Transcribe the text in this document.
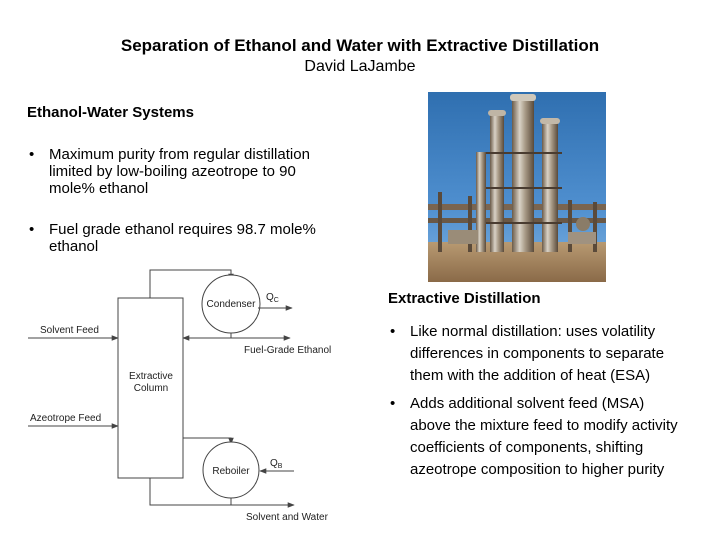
Separation of Ethanol and Water with Extractive Distillation
David LaJambe
Ethanol-Water Systems
• Maximum purity from regular distillation limited by low-boiling azeotrope to 90 mole% ethanol
• Fuel grade ethanol requires 98.7 mole% ethanol
Extractive Distillation
• Like normal distillation: uses volatility differences in components to separate them with the addition of heat (ESA)
• Adds additional solvent feed (MSA) above the mixture feed to modify activity coefficients of components, shifting azeotrope composition to higher purity
Extractive
Column
Condenser
Reboiler
$Q_C$
$Q_B$
Solvent Feed
Azeotrope Feed
Fuel-Grade Ethanol
Solvent and Water
